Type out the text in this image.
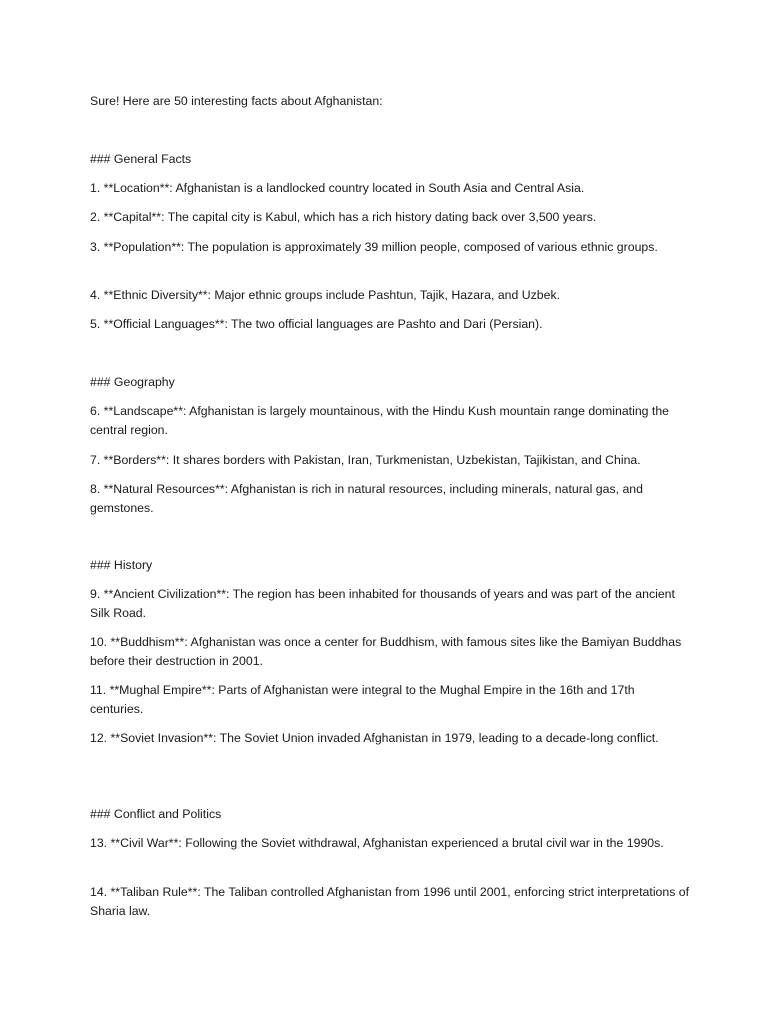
Sure! Here are 50 interesting facts about Afghanistan:
### General Facts
1. **Location**: Afghanistan is a landlocked country located in South Asia and Central Asia.
2. **Capital**: The capital city is Kabul, which has a rich history dating back over 3,500 years.
3. **Population**: The population is approximately 39 million people, composed of various ethnic groups.
4. **Ethnic Diversity**: Major ethnic groups include Pashtun, Tajik, Hazara, and Uzbek.
5. **Official Languages**: The two official languages are Pashto and Dari (Persian).
### Geography
6. **Landscape**: Afghanistan is largely mountainous, with the Hindu Kush mountain range dominating the central region.
7. **Borders**: It shares borders with Pakistan, Iran, Turkmenistan, Uzbekistan, Tajikistan, and China.
8. **Natural Resources**: Afghanistan is rich in natural resources, including minerals, natural gas, and gemstones.
### History
9. **Ancient Civilization**: The region has been inhabited for thousands of years and was part of the ancient Silk Road.
10. **Buddhism**: Afghanistan was once a center for Buddhism, with famous sites like the Bamiyan Buddhas before their destruction in 2001.
11. **Mughal Empire**: Parts of Afghanistan were integral to the Mughal Empire in the 16th and 17th centuries.
12. **Soviet Invasion**: The Soviet Union invaded Afghanistan in 1979, leading to a decade-long conflict.
### Conflict and Politics
13. **Civil War**: Following the Soviet withdrawal, Afghanistan experienced a brutal civil war in the 1990s.
14. **Taliban Rule**: The Taliban controlled Afghanistan from 1996 until 2001, enforcing strict interpretations of Sharia law.
